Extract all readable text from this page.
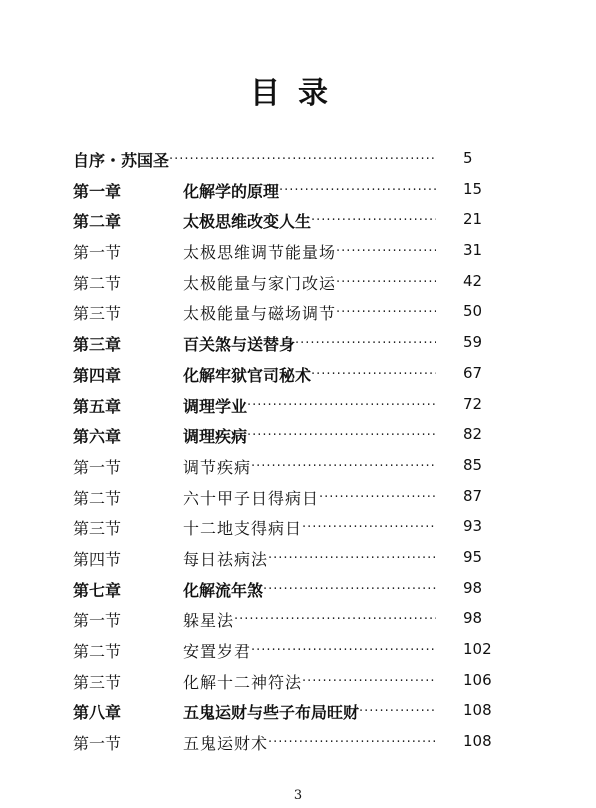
目录
自序・苏国圣 ·····	5
第一章	化解学的原理 ·····	15
第二章	太极思维改变人生 ·····	21
第一节	太极思维调节能量场 ·····	31
第二节	太极能量与家门改运 ·····	42
第三节	太极能量与磁场调节 ·····	50
第三章	百关煞与送替身 ·····	59
第四章	化解牢狱官司秘术 ·····	67
第五章	调理学业 ·····	72
第六章	调理疾病 ·····	82
第一节	调节疾病 ·····	85
第二节	六十甲子日得病日 ·····	87
第三节	十二地支得病日 ·····	93
第四节	每日祛病法 ·····	95
第七章	化解流年煞 ·····	98
第一节	躲星法 ·····	98
第二节	安置岁君 ·····	102
第三节	化解十二神符法 ·····	106
第八章	五鬼运财与些子布局旺财 ·····	108
第一节	五鬼运财术 ·····	108
3
